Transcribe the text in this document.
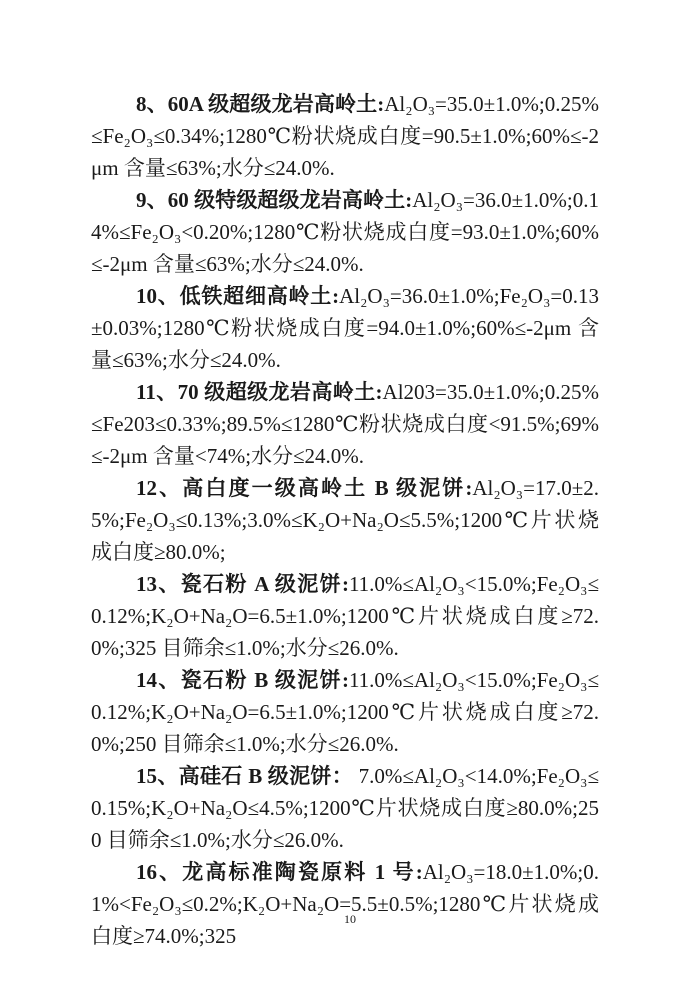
8、60A 级超级龙岩高岭土:Al₂O₃=35.0±1.0%;0.25%≤Fe₂O₃≤0.34%;1280℃粉状烧成白度=90.5±1.0%;60%≤-2μm 含量≤63%;水分≤24.0%.

9、60 级特级超级龙岩高岭土:Al₂O₃=36.0±1.0%;0.14%≤Fe₂O₃<0.20%;1280℃粉状烧成白度=93.0±1.0%;60%≤-2μm 含量≤63%;水分≤24.0%.

10、低铁超细高岭土:Al₂O₃=36.0±1.0%;Fe₂O₃=0.13±0.03%;1280℃粉状烧成白度=94.0±1.0%;60%≤-2μm 含量≤63%;水分≤24.0%.

11、70 级超级龙岩高岭土:Al203=35.0±1.0%;0.25%≤Fe203≤0.33%;89.5%≤1280℃粉状烧成白度<91.5%;69%≤-2μm 含量<74%;水分≤24.0%.

12、高白度一级高岭土 B 级泥饼:Al₂O₃=17.0±2.5%;Fe₂O₃≤0.13%;3.0%≤K₂O+Na₂O≤5.5%;1200℃片状烧成白度≥80.0%;

13、瓷石粉 A 级泥饼:11.0%≤Al₂O₃<15.0%;Fe₂O₃≤0.12%;K₂O+Na₂O=6.5±1.0%;1200℃片状烧成白度≥72.0%;325 目筛余≤1.0%;水分≤26.0%.

14、瓷石粉 B 级泥饼:11.0%≤Al₂O₃<15.0%;Fe₂O₃≤0.12%;K₂O+Na₂O=6.5±1.0%;1200℃片状烧成白度≥72.0%;250 目筛余≤1.0%;水分≤26.0%.

15、高硅石 B 级泥饼： 7.0%≤Al₂O₃<14.0%;Fe₂O₃≤0.15%;K₂O+Na₂O≤4.5%;1200℃片状烧成白度≥80.0%;250 目筛余≤1.0%;水分≤26.0%.

16、龙高标准陶瓷原料 1 号:Al₂O₃=18.0±1.0%;0.1%<Fe₂O₃≤0.2%;K₂O+Na₂O=5.5±0.5%;1280℃片状烧成白度≥74.0%;325

10
